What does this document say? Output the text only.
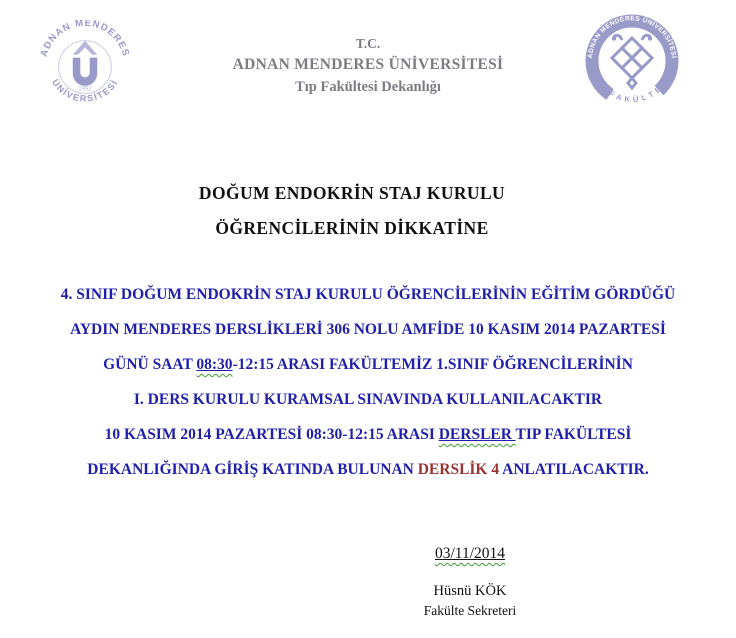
ADNAN MENDERES
ÜNİVERSİTESİ
1992
ADNAN MENDERES ÜNİVERSİTESİ
T I P F A K Ü L T E S İ
T.C.
ADNAN MENDERES ÜNİVERSİTESİ
Tıp Fakültesi Dekanlığı
DOĞUM ENDOKRİN STAJ KURULU
ÖĞRENCİLERİNİN DİKKATİNE
4. SINIF DOĞUM ENDOKRİN STAJ KURULU ÖĞRENCİLERİNİN EĞİTİM GÖRDÜĞÜ
AYDIN MENDERES DERSLİKLERİ 306 NOLU AMFİDE 10 KASIM 2014 PAZARTESİ
GÜNÜ SAAT 08:30-12:15 ARASI FAKÜLTEMİZ 1.SINIF ÖĞRENCİLERİNİN
I. DERS KURULU KURAMSAL SINAVINDA KULLANILACAKTIR
10 KASIM 2014 PAZARTESİ 08:30-12:15 ARASI DERSLER TIP FAKÜLTESİ
DEKANLIĞINDA GİRİŞ KATINDA BULUNAN DERSLİK 4 ANLATILACAKTIR.
03/11/2014
Hüsnü KÖK
Fakülte Sekreteri
